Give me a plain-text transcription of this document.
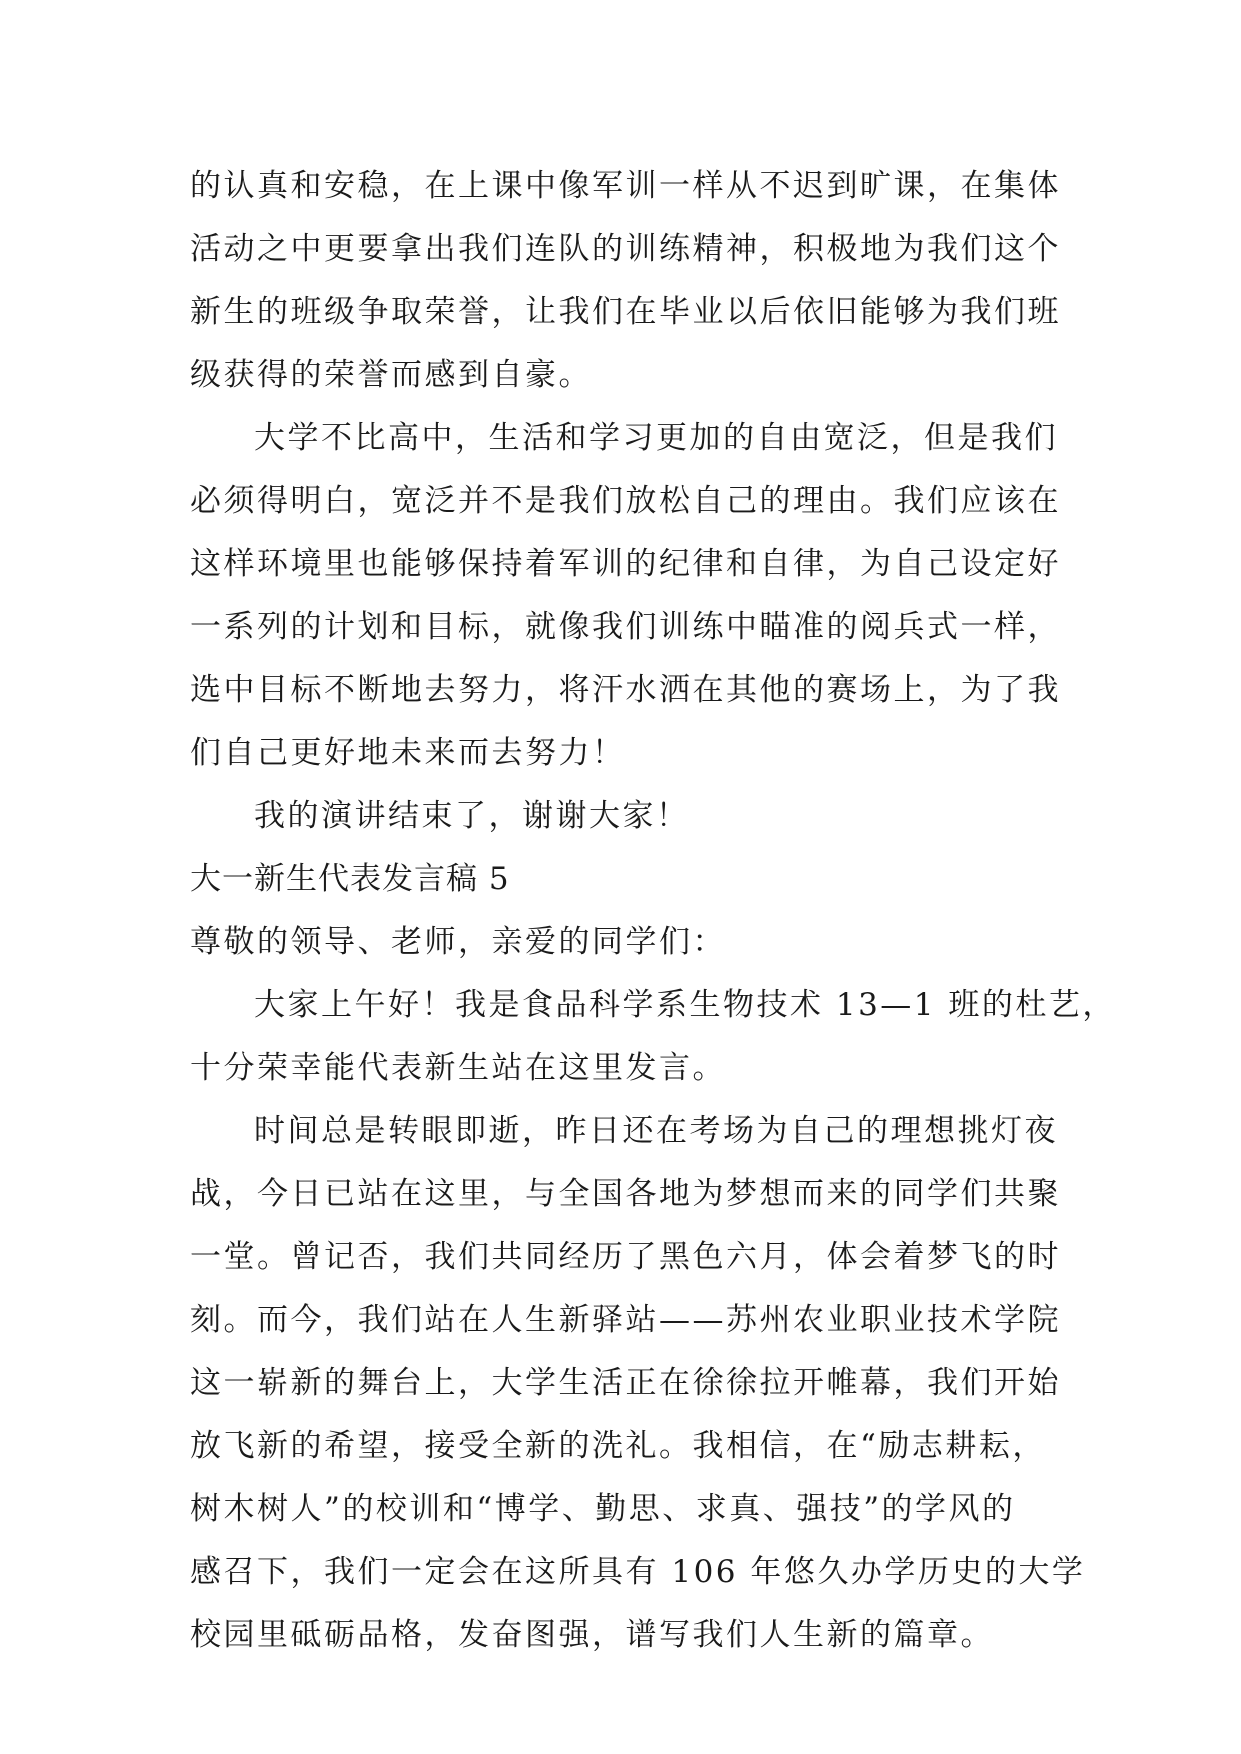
的认真和安稳，在上课中像军训一样从不迟到旷课，在集体
活动之中更要拿出我们连队的训练精神，积极地为我们这个
新生的班级争取荣誉，让我们在毕业以后依旧能够为我们班
级获得的荣誉而感到自豪。
大学不比高中，生活和学习更加的自由宽泛，但是我们
必须得明白，宽泛并不是我们放松自己的理由。我们应该在
这样环境里也能够保持着军训的纪律和自律，为自己设定好
一系列的计划和目标，就像我们训练中瞄准的阅兵式一样，
选中目标不断地去努力，将汗水洒在其他的赛场上，为了我
们自己更好地未来而去努力！
我的演讲结束了，谢谢大家！
大一新生代表发言稿 5
尊敬的领导、老师，亲爱的同学们：
大家上午好！我是食品科学系生物技术 13—1 班的杜艺，
十分荣幸能代表新生站在这里发言。
时间总是转眼即逝，昨日还在考场为自己的理想挑灯夜
战，今日已站在这里，与全国各地为梦想而来的同学们共聚
一堂。曾记否，我们共同经历了黑色六月，体会着梦飞的时
刻。而今，我们站在人生新驿站——苏州农业职业技术学院
这一崭新的舞台上，大学生活正在徐徐拉开帷幕，我们开始
放飞新的希望，接受全新的洗礼。我相信，在“励志耕耘，
树木树人”的校训和“博学、勤思、求真、强技”的学风的
感召下，我们一定会在这所具有 106 年悠久办学历史的大学
校园里砥砺品格，发奋图强，谱写我们人生新的篇章。
